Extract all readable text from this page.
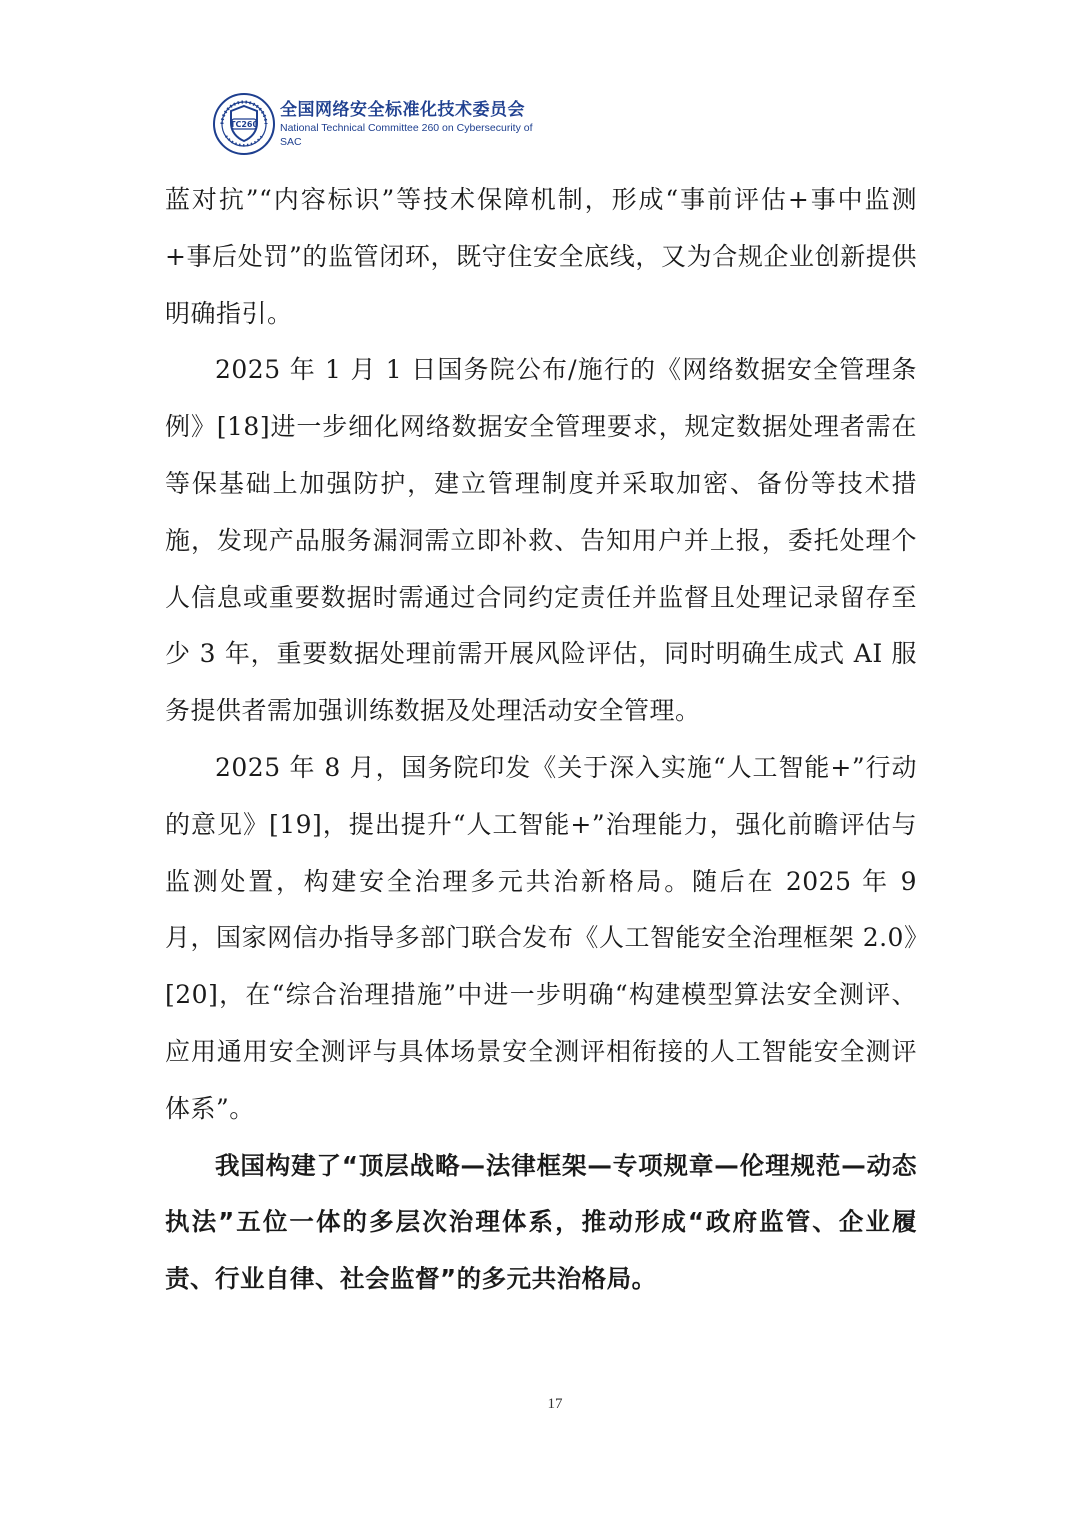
TC260
全国网络安全标准化技术委员会
National Technical Committee 260 on Cybersecurity of SAC

蓝对抗”“内容标识”等技术保障机制，形成“事前评估+事中监测+事后处罚”的监管闭环，既守住安全底线，又为合规企业创新提供明确指引。

2025 年 1 月 1 日国务院公布/施行的《网络数据安全管理条例》[18]进一步细化网络数据安全管理要求，规定数据处理者需在等保基础上加强防护，建立管理制度并采取加密、备份等技术措施，发现产品服务漏洞需立即补救、告知用户并上报，委托处理个人信息或重要数据时需通过合同约定责任并监督且处理记录留存至少 3 年，重要数据处理前需开展风险评估，同时明确生成式 AI 服务提供者需加强训练数据及处理活动安全管理。

2025 年 8 月，国务院印发《关于深入实施“人工智能+”行动的意见》[19]，提出提升“人工智能+”治理能力，强化前瞻评估与监测处置，构建安全治理多元共治新格局。随后在 2025 年 9 月，国家网信办指导多部门联合发布《人工智能安全治理框架 2.0》[20]，在“综合治理措施”中进一步明确“构建模型算法安全测评、应用通用安全测评与具体场景安全测评相衔接的人工智能安全测评体系”。

我国构建了“顶层战略—法律框架—专项规章—伦理规范—动态执法”五位一体的多层次治理体系，推动形成“政府监管、企业履责、行业自律、社会监督”的多元共治格局。

17
